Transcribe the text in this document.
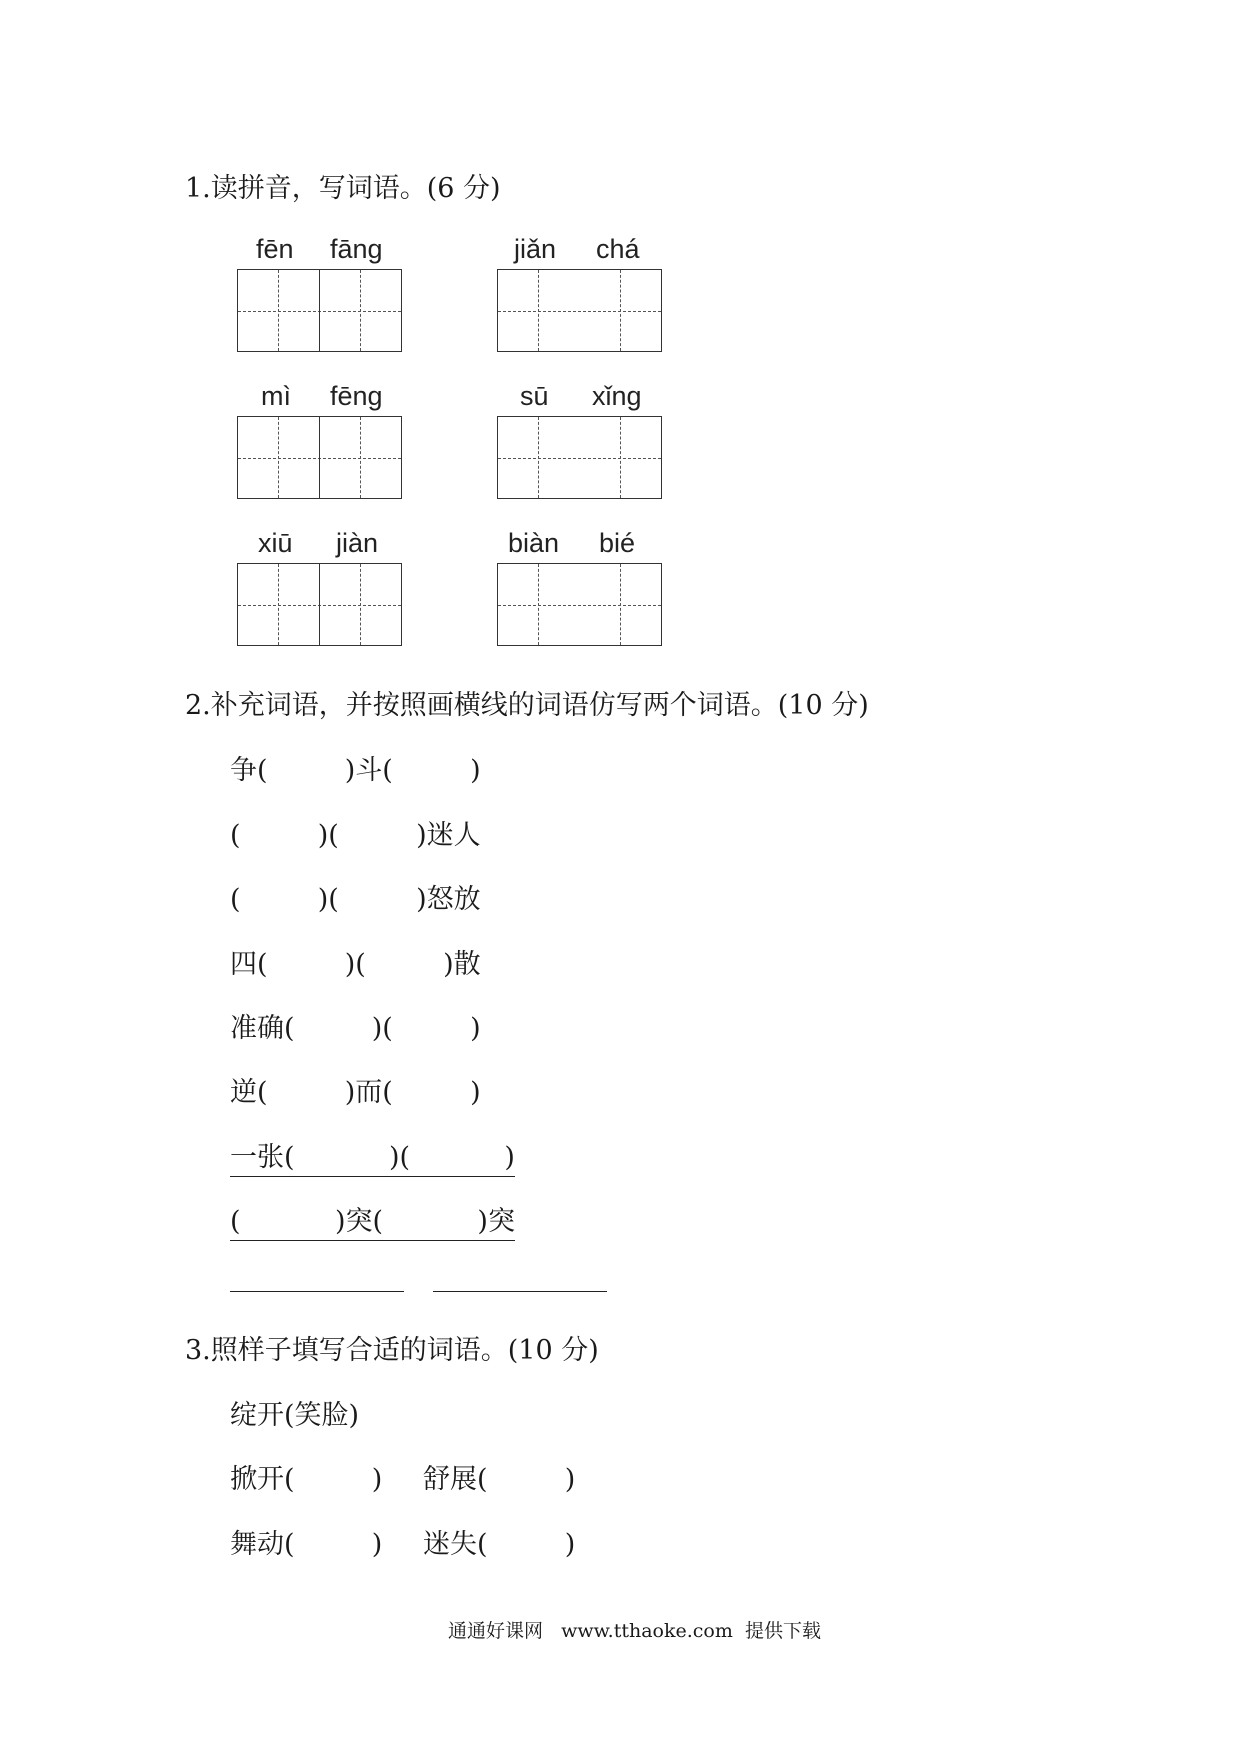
1.读拼音，写词语。(6 分)
fēn fāng	jiǎn chá
mì fēng	sū xǐng
xiū jiàn	biàn bié
2.补充词语，并按照画横线的词语仿写两个词语。(10 分)
争(         )斗(         )
(         )(         )迷人
(         )(         )怒放
四(         )(         )散
准确(         )(         )
逆(         )而(         )
一张(           )(           )
(           )突(           )突
3.照样子填写合适的词语。(10 分)
绽开(笑脸)
掀开(         ) 舒展(         )
舞动(         ) 迷失(         )
通通好课网   www.tthaoke.com  提供下载
